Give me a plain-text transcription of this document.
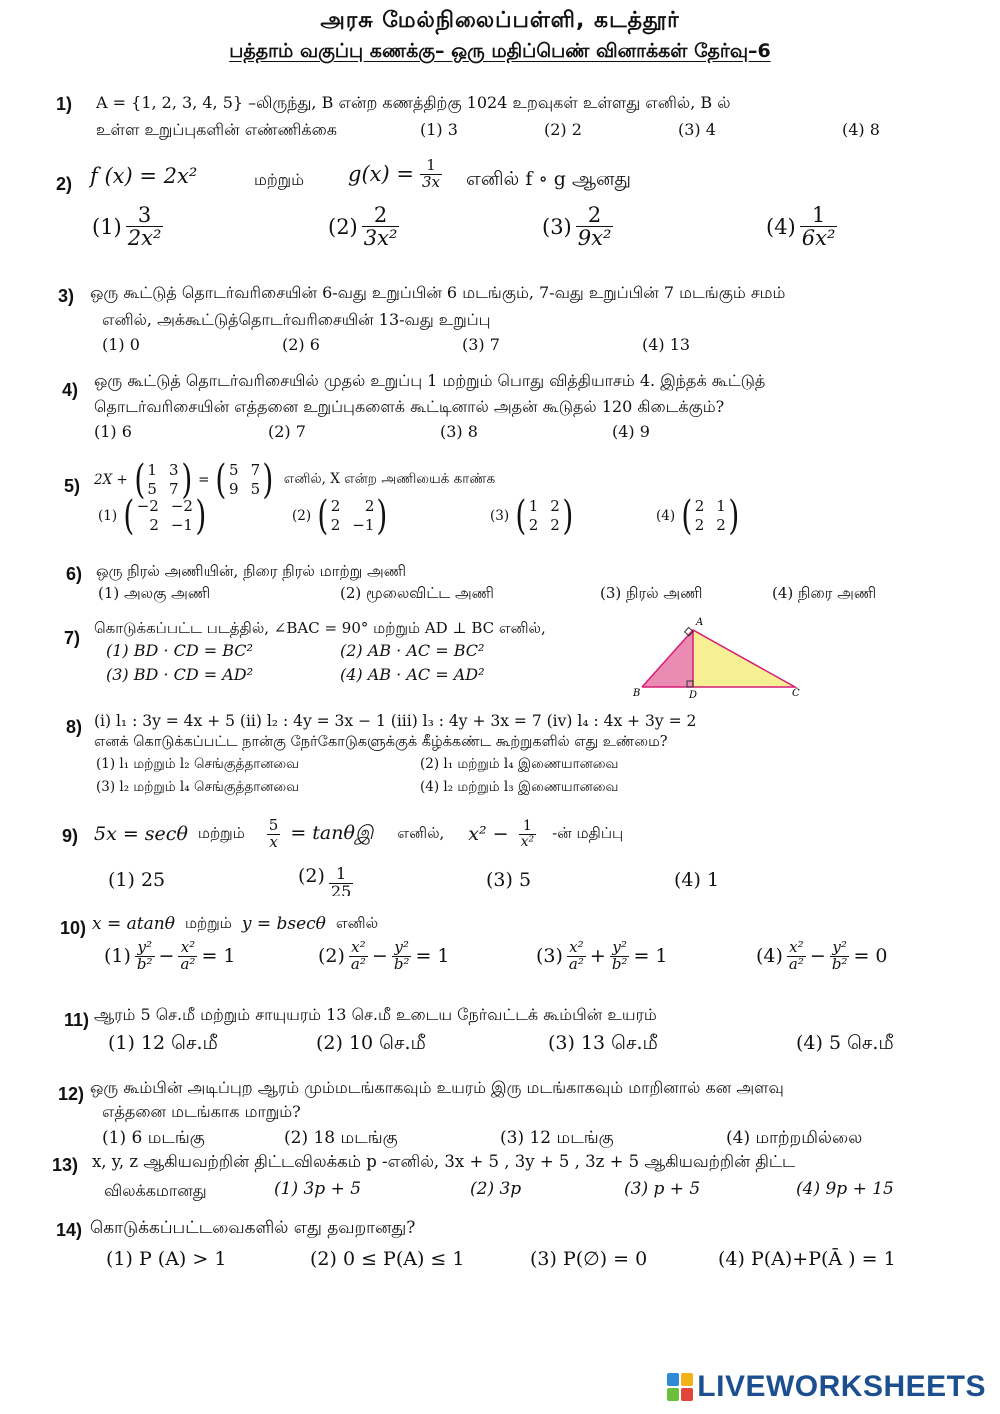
அரசு மேல்நிலைப்பள்ளி, கடத்தூர்
பத்தாம் வகுப்பு கணக்கு– ஒரு மதிப்பெண் வினாக்கள் தேர்வு–6
1) A = {1, 2, 3, 4, 5} –லிருந்து, B என்ற கணத்திற்கு 1024 உறவுகள் உள்ளது எனில், B ல்
உள்ள உறுப்புகளின் எண்ணிக்கை	(1) 3	(2) 2	(3) 4	(4) 8
2) f (x) = 2x²	மற்றும் $g(x) = \frac{1}{3x}$ எனில் f ∘ g ஆனது
$(1) \frac{3}{\text{2x²}}$	$(2) \frac{2}{\text{3x²}}$	$(3) \frac{2}{\text{9x²}}$	$(4) \frac{1}{\text{6x²}}$
3) ஒரு கூட்டுத் தொடர்வரிசையின் 6-வது உறுப்பின் 6 மடங்கும், 7-வது உறுப்பின் 7 மடங்கும் சமம்
எனில், அக்கூட்டுத்தொடர்வரிசையின் 13-வது உறுப்பு
(1) 0	(2) 6	(3) 7	(4) 13
4) ஒரு கூட்டுத் தொடர்வரிசையில் முதல் உறுப்பு 1 மற்றும் பொது வித்தியாசம் 4. இந்தக் கூட்டுத்
தொடர்வரிசையின் எத்தனை உறுப்புகளைக் கூட்டினால் அதன் கூடுதல் 120 கிடைக்கும்?
(1) 6	(2) 7	(3) 8	(4) 9
5) 2X + ( 1 3
5 7 ) = ( 5 7
9 5 ) எனில், X என்ற அணியைக் காண்க
(1) ( −2 −2
2 −1 )	(2) ( 2	2
2 −1 )	(3) ( 1 2
2 2 )	(4) ( 2 1
2 2 )
6) ஒரு நிரல் அணியின், நிரை நிரல் மாற்று அணி
(1) அலகு அணி	(2) மூலைவிட்ட அணி	(3) நிரல் அணி	(4) நிரை அணி
7) கொடுக்கப்பட்ட படத்தில், ∠BAC = 90° மற்றும் AD ⊥ BC எனில்,
(1) BD · CD = BC²	(2) AB · AC = BC²
(3) BD · CD = AD²	(4) AB · AC = AD²
A
B	D	C
8) (i) l₁ : 3y = 4x + 5 (ii) l₂ : 4y = 3x − 1 (iii) l₃ : 4y + 3x = 7 (iv) l₄ : 4x + 3y = 2
எனக் கொடுக்கப்பட்ட நான்கு நேர்கோடுகளுக்குக் கீழ்க்கண்ட கூற்றுகளில் எது உண்மை?
(1) l₁ மற்றும் l₂ செங்குத்தானவை	(2) l₁ மற்றும் l₄ இணையானவை
(3) l₂ மற்றும் l₄ செங்குத்தானவை	(4) l₂ மற்றும் l₃ இணையானவை
9) 5x = secθ மற்றும் $\frac{5}{x}$ = tanθஇ எனில், $x^2 - \frac{1}{\text{x²}}$ -ன் மதிப்பு
(1) 25	$(2) \frac{1}{25}$	(3) 5	(4) 1
10) x = atanθ மற்றும் y = bsecθ எனில்
$(1) \frac{\text{y²}}{\text{b²}} - \frac{\text{x²}}{\text{a²}} = 1$	$(2) \frac{\text{x²}}{\text{a²}} - \frac{\text{y²}}{\text{b²}} = 1$	$(3) \frac{\text{x²}}{\text{a²}} + \frac{\text{y²}}{\text{b²}} = 1$	$(4) \frac{\text{x²}}{\text{a²}} - \frac{\text{y²}}{\text{b²}} = 0$
11) ஆரம் 5 செ.மீ மற்றும் சாயுயரம் 13 செ.மீ உடைய நேர்வட்டக் கூம்பின் உயரம்
(1) 12 செ.மீ	(2) 10 செ.மீ	(3) 13 செ.மீ	(4) 5 செ.மீ
12) ஒரு கூம்பின் அடிப்புற ஆரம் மும்மடங்காகவும் உயரம் இரு மடங்காகவும் மாறினால் கன அளவு
எத்தனை மடங்காக மாறும்?
(1) 6 மடங்கு	(2) 18 மடங்கு	(3) 12 மடங்கு	(4) மாற்றமில்லை
13) x, y, z ஆகியவற்றின் திட்டவிலக்கம் p -எனில், 3x + 5 , 3y + 5 , 3z + 5 ஆகியவற்றின் திட்ட
விலக்கமானது	(1) 3p + 5	(2) 3p	(3) p + 5	(4) 9p + 15
14) கொடுக்கப்பட்டவைகளில் எது தவறானது?
(1) P (A) > 1	(2) 0 ≤ P(A) ≤ 1	(3) P(∅) = 0	(4) P(A)+P(Ā ) = 1
LIVEWORKSHEETS
